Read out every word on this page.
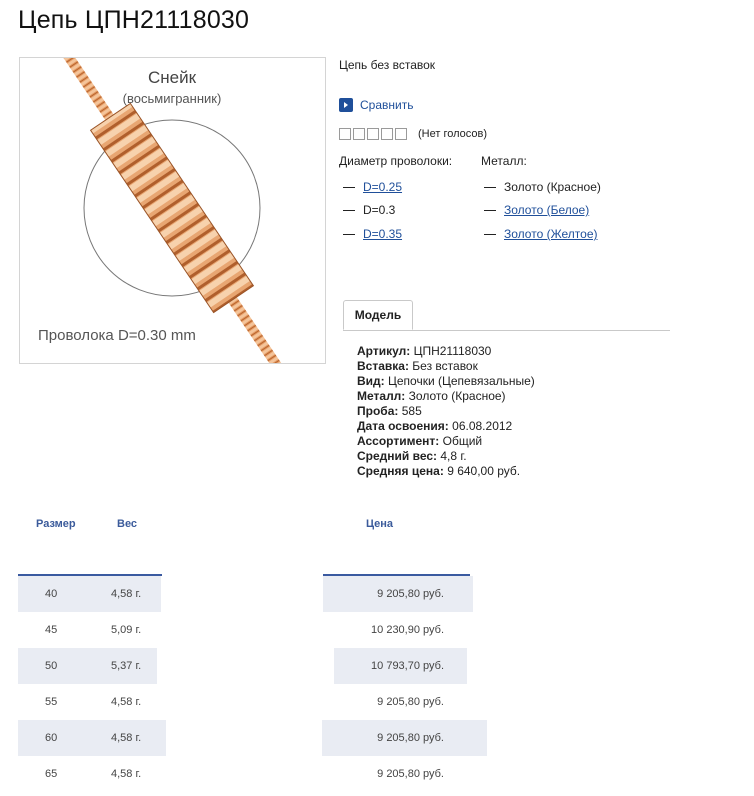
Цепь ЦПН21118030
Снейк
(восьмигранник)
Проволока D=0.30 mm
Цепь без вставок
Сравнить
(Нет голосов)
Диаметр проволоки: Металл:
D=0.25
D=0.3
D=0.35
Золото (Красное)
Золото (Белое)
Золото (Желтое)
Модель
Артикул: ЦПН21118030
Вставка: Без вставок
Вид: Цепочки (Цепевязальные)
Металл: Золото (Красное)
Проба: 585
Дата освоения: 06.08.2012
Ассортимент: Общий
Средний вес: 4,8 г.
Средняя цена: 9 640,00 руб.
Размер	Вес	Цена
40	4,58 г.	9 205,80 руб.
45	5,09 г.	10 230,90 руб.
50	5,37 г.	10 793,70 руб.
55	4,58 г.	9 205,80 руб.
60	4,58 г.	9 205,80 руб.
65	4,58 г.	9 205,80 руб.
